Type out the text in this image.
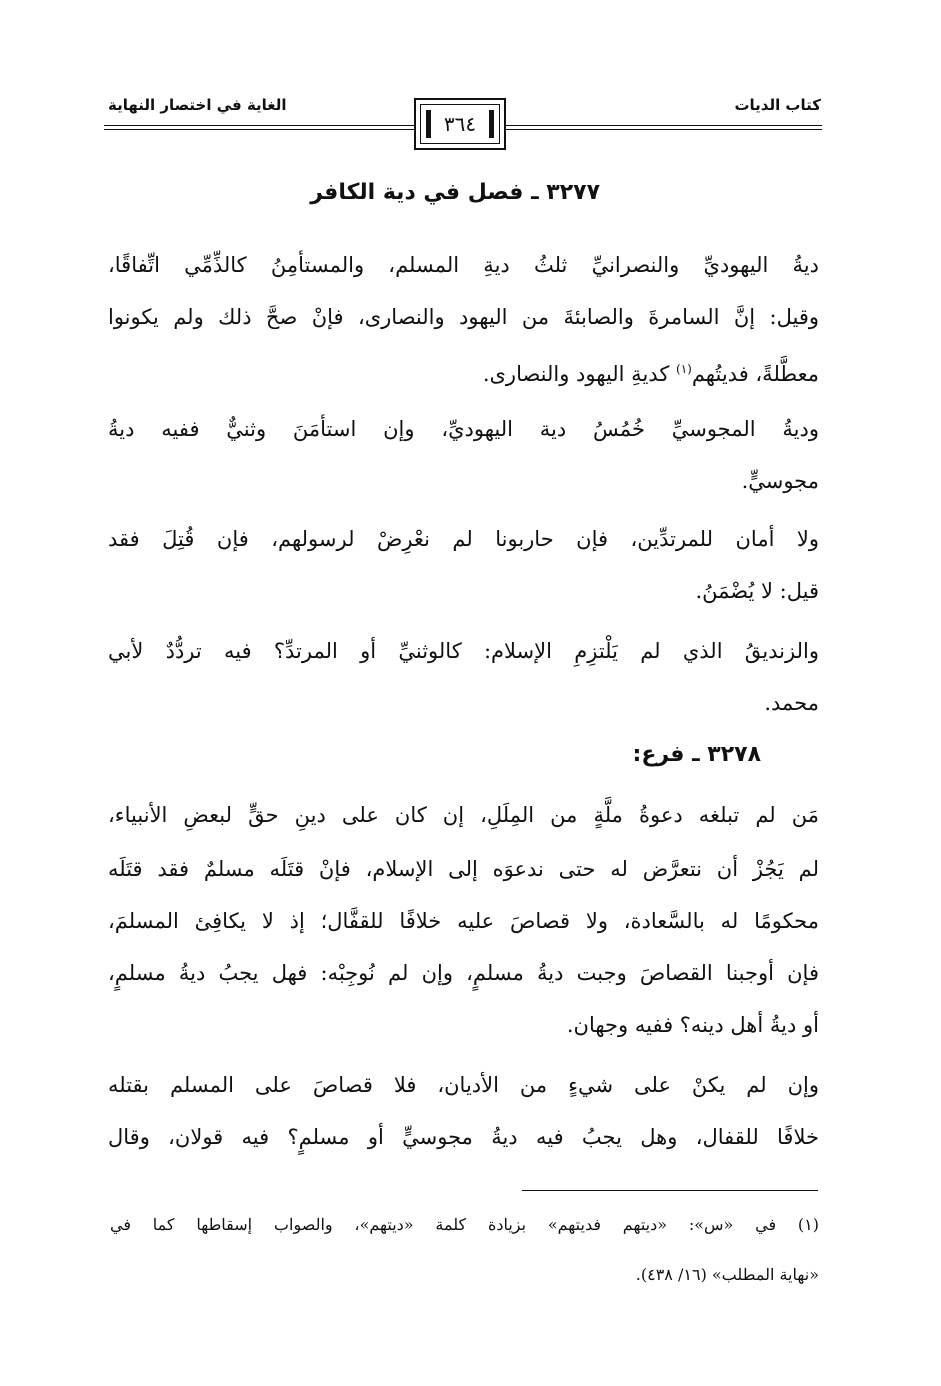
الغاية في اختصار النهاية	كتاب الديات
٣٦٤
٣٢٧٧ ـ فصل في دية الكافر
ديةُ اليهوديِّ والنصرانيِّ ثلثُ ديةِ المسلم، والمستأمِنُ كالذِّمِّي اتِّفاقًا،
وقيل: إنَّ السامرةَ والصابئةَ من اليهود والنصارى، فإنْ صحَّ ذلك ولم يكونوا
معطَّلةً، فديتُهم$^{(١)}$ كديةِ اليهود والنصارى.
وديةُ المجوسيِّ خُمُسُ دية اليهوديِّ، وإن استأمَنَ وثنيٌّ ففيه ديةُ
مجوسيٍّ.
ولا أمان للمرتدِّين، فإن حاربونا لم نعْرِضْ لرسولهم، فإن قُتِلَ فقد
قيل: لا يُضْمَنُ.
والزنديقُ الذي لم يَلْتزِمِ الإسلام: كالوثنيِّ أو المرتدِّ؟ فيه تردُّدٌ لأبي
محمد.
٣٢٧٨ ـ فرع:
مَن لم تبلغه دعوةُ ملَّةٍ من المِلَلِ، إن كان على دينِ حقٍّ لبعضِ الأنبياء،
لم يَجُزْ أن نتعرَّض له حتى ندعوَه إلى الإسلام، فإنْ قتَلَه مسلمٌ فقد قتَلَه
محكومًا له بالسَّعادة، ولا قصاصَ عليه خلافًا للقفَّال؛ إذ لا يكافِئ المسلمَ،
فإن أوجبنا القصاصَ وجبت ديةُ مسلمٍ، وإن لم نُوجِبْه: فهل يجبُ ديةُ مسلمٍ،
أو ديةُ أهل دينه؟ ففيه وجهان.
وإن لم يكنْ على شيءٍ من الأديان، فلا قصاصَ على المسلم بقتله
خلافًا للقفال، وهل يجبُ فيه ديةُ مجوسيٍّ أو مسلمٍ؟ فيه قولان، وقال
(١) في «س»: «ديتهم فديتهم» بزيادة كلمة «ديتهم»، والصواب إسقاطها كما في
«نهاية المطلب» (١٦/ ٤٣٨).
